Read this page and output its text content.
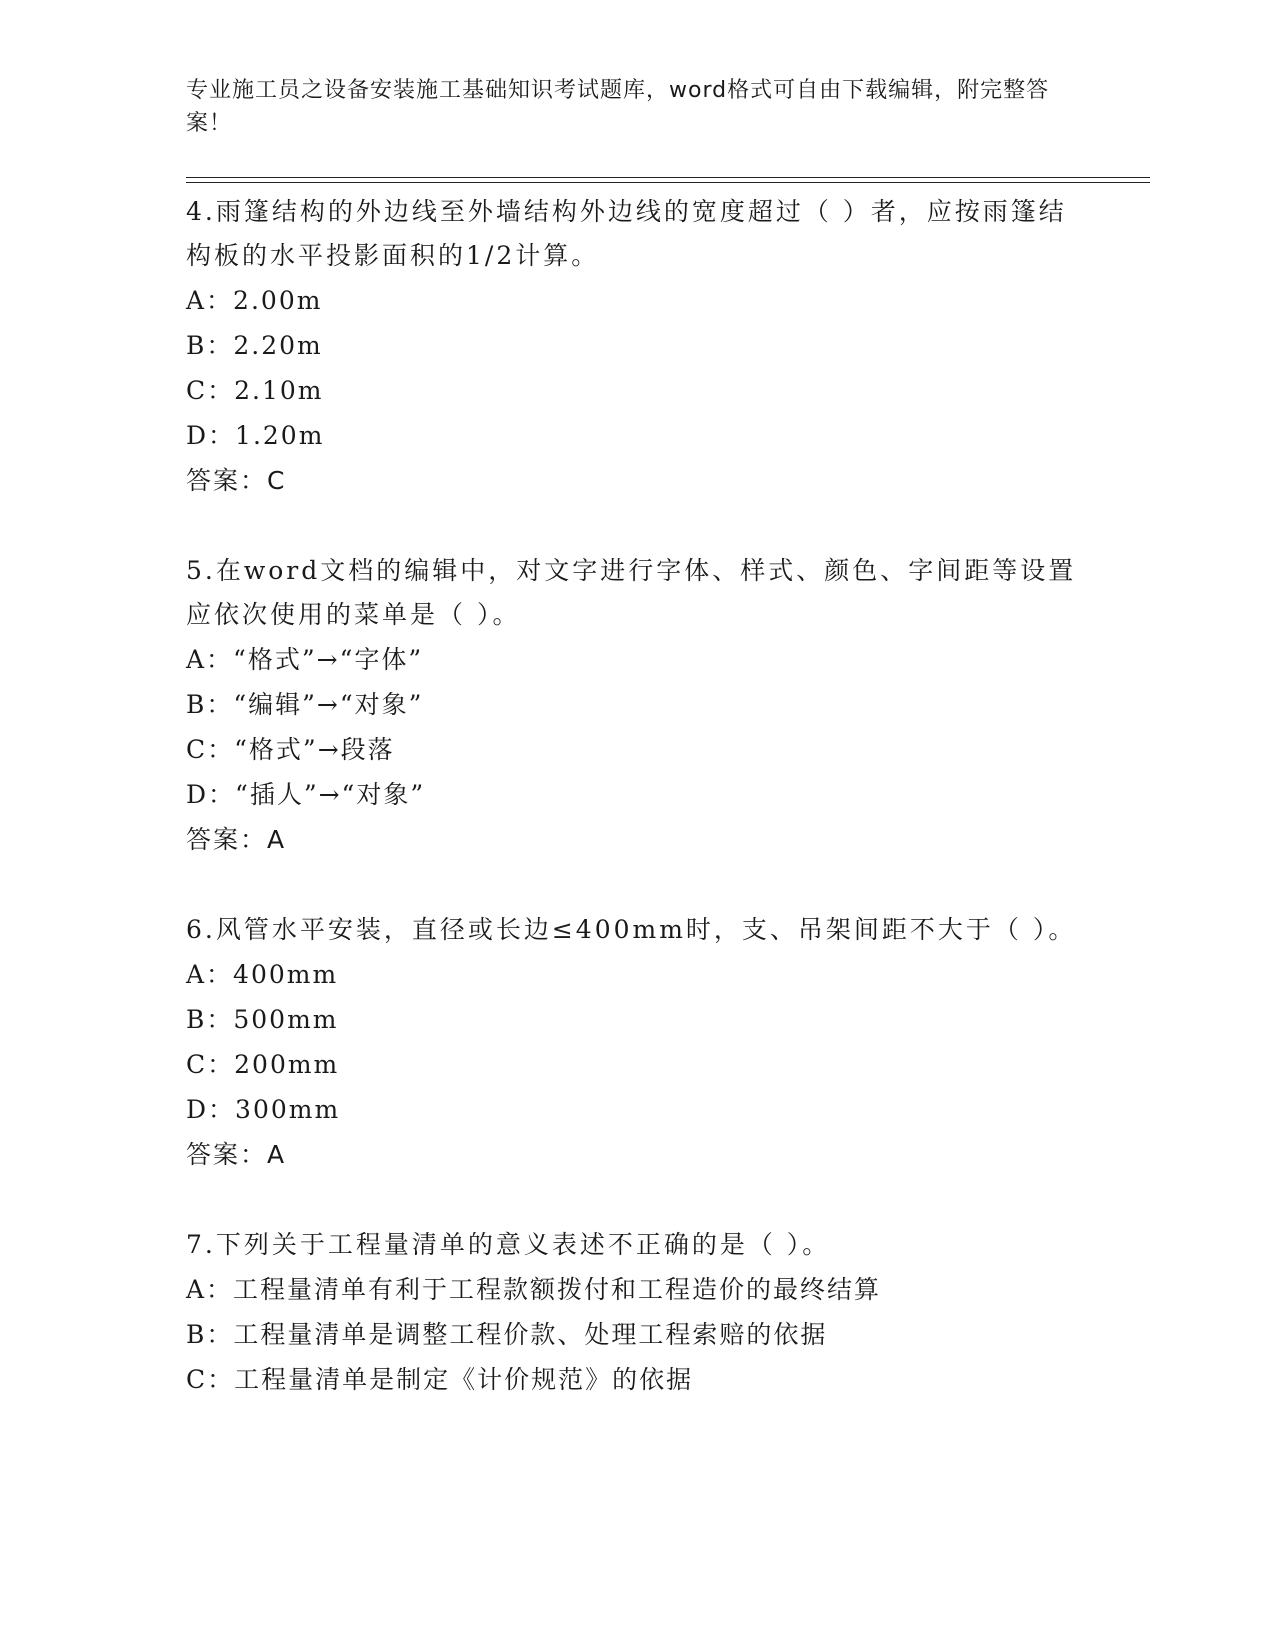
专业施工员之设备安装施工基础知识考试题库，word格式可自由下载编辑，附完整答案！

4.雨篷结构的外边线至外墙结构外边线的宽度超过（ ）者，应按雨篷结构板的水平投影面积的1/2计算。

A：2.00m

B：2.20m

C：2.10m

D：1.20m

答案：C

5.在word文档的编辑中，对文字进行字体、样式、颜色、字间距等设置应依次使用的菜单是（ ）。

A：“格式”→“字体”

B：“编辑”→“对象”

C：“格式”→段落

D：“插人”→“对象”

答案：A

6.风管水平安装，直径或长边≤400mm时，支、吊架间距不大于（ ）。

A：400mm

B：500mm

C：200mm

D：300mm

答案：A

7.下列关于工程量清单的意义表述不正确的是（ ）。

A：工程量清单有利于工程款额拨付和工程造价的最终结算

B：工程量清单是调整工程价款、处理工程索赔的依据

C：工程量清单是制定《计价规范》的依据
